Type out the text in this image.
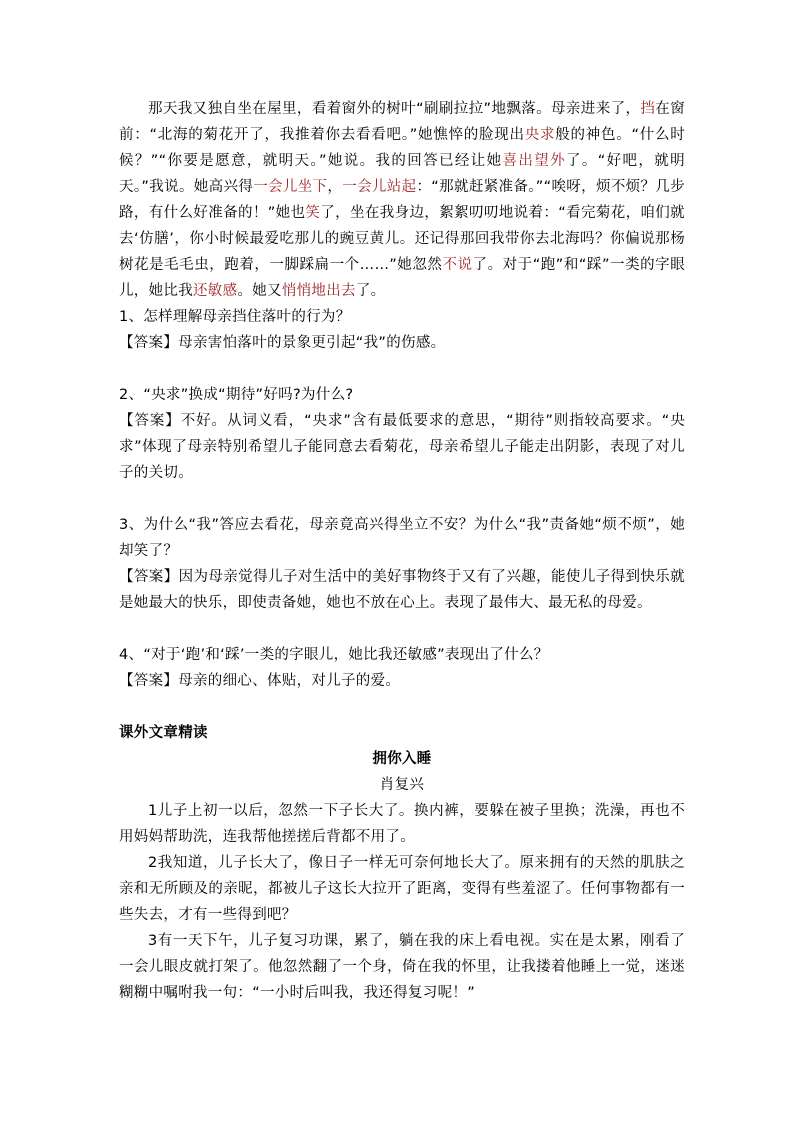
那天我又独自坐在屋里，看着窗外的树叶“刷刷拉拉”地飘落。母亲进来了，挡在窗前：“北海的菊花开了，我推着你去看看吧。”她憔悴的脸现出央求般的神色。“什么时候？”“你要是愿意，就明天。”她说。我的回答已经让她喜出望外了。“好吧，就明天。”我说。她高兴得一会儿坐下，一会儿站起：“那就赶紧准备。”“唉呀，烦不烦？几步路，有什么好准备的！”她也笑了，坐在我身边，絮絮叨叨地说着：“看完菊花，咱们就去‘仿膳’，你小时候最爱吃那儿的豌豆黄儿。还记得那回我带你去北海吗？你偏说那杨树花是毛毛虫，跑着，一脚踩扁一个……”她忽然不说了。对于“跑”和“踩”一类的字眼儿，她比我还敏感。她又悄悄地出去了。

1、怎样理解母亲挡住落叶的行为？

【答案】母亲害怕落叶的景象更引起“我”的伤感。

2、“央求”换成“期待”好吗?为什么?

【答案】不好。从词义看，“央求”含有最低要求的意思，“期待”则指较高要求。“央求”体现了母亲特别希望儿子能同意去看菊花，母亲希望儿子能走出阴影，表现了对儿子的关切。

3、为什么“我”答应去看花，母亲竟高兴得坐立不安？为什么“我”责备她“烦不烦”，她却笑了？

【答案】因为母亲觉得儿子对生活中的美好事物终于又有了兴趣，能使儿子得到快乐就是她最大的快乐，即使责备她，她也不放在心上。表现了最伟大、最无私的母爱。

4、“对于‘跑’和‘踩’一类的字眼儿，她比我还敏感”表现出了什么？

【答案】母亲的细心、体贴，对儿子的爱。

课外文章精读

拥你入睡

肖复兴

1儿子上初一以后，忽然一下子长大了。换内裤，要躲在被子里换；洗澡，再也不用妈妈帮助洗，连我帮他搓搓后背都不用了。

2我知道，儿子长大了，像日子一样无可奈何地长大了。原来拥有的天然的肌肤之亲和无所顾及的亲昵，都被儿子这长大拉开了距离，变得有些羞涩了。任何事物都有一些失去，才有一些得到吧？

3有一天下午，儿子复习功课，累了，躺在我的床上看电视。实在是太累，刚看了一会儿眼皮就打架了。他忽然翻了一个身，倚在我的怀里，让我搂着他睡上一觉，迷迷糊糊中嘱咐我一句：“一小时后叫我，我还得复习呢！”
